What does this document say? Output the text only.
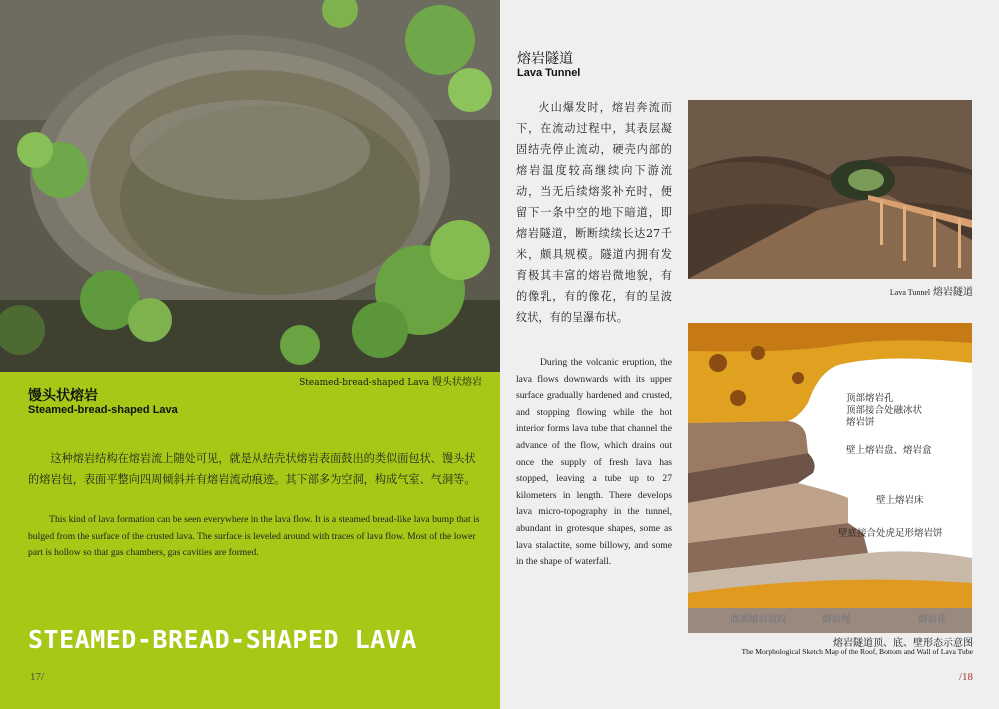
Steamed-bread-shaped Lava 馒头状熔岩
馒头状熔岩
Steamed-bread-shaped Lava
这种熔岩结构在熔岩流上随处可见，就是从结壳状熔岩表面鼓出的类似面包状、馒头状的熔岩包，表面平整向四周倾斜并有熔岩流动痕迹。其下部多为空洞，构成气室、气洞等。
This kind of lava formation can be seen everywhere in the lava flow. It is a steamed bread-like lava bump that is bulged from the surface of the crusted lava. The surface is leveled around with traces of lava flow. Most of the lower part is hollow so that gas chambers, gas cavities are formed.
STEAMED-BREAD-SHAPED LAVA
17/
熔岩隧道
Lava Tunnel
火山爆发时，熔岩奔流而下，在流动过程中，其表层凝固结壳停止流动，硬壳内部的熔岩温度较高继续向下游流动，当无后续熔浆补充时，便留下一条中空的地下暗道，即熔岩隧道，断断续续长达27千米，颇具规模。隧道内拥有发育极其丰富的熔岩微地貌，有的像乳，有的像花，有的呈波纹状，有的呈瀑布状。
During the volcanic eruption, the lava flows downwards with its upper surface gradually hardened and crusted, and stopping flowing while the hot interior forms lava tube that channel the advance of the flow, which drains out once the supply of fresh lava has stopped, leaving a tube up to 27 kilometers in length. There develops lava micro-topography in the tunnel, abundant in grotesque shapes, some as lava stalactite, some billowy, and some in the shape of waterfall.
Lava Tunnel 熔岩隧道
顶部熔岩孔
顶部接合处融冰状
熔岩饼
壁上熔岩盘、熔岩盒
壁上熔岩床
壁底接合处虎足形熔岩饼
底部熔岩波纹	熔岩绳	熔岩花
熔岩隧道顶、底、壁形态示意图
The Morphological Sketch Map of the Roof, Bottom and Wall of Lava Tube
/18
